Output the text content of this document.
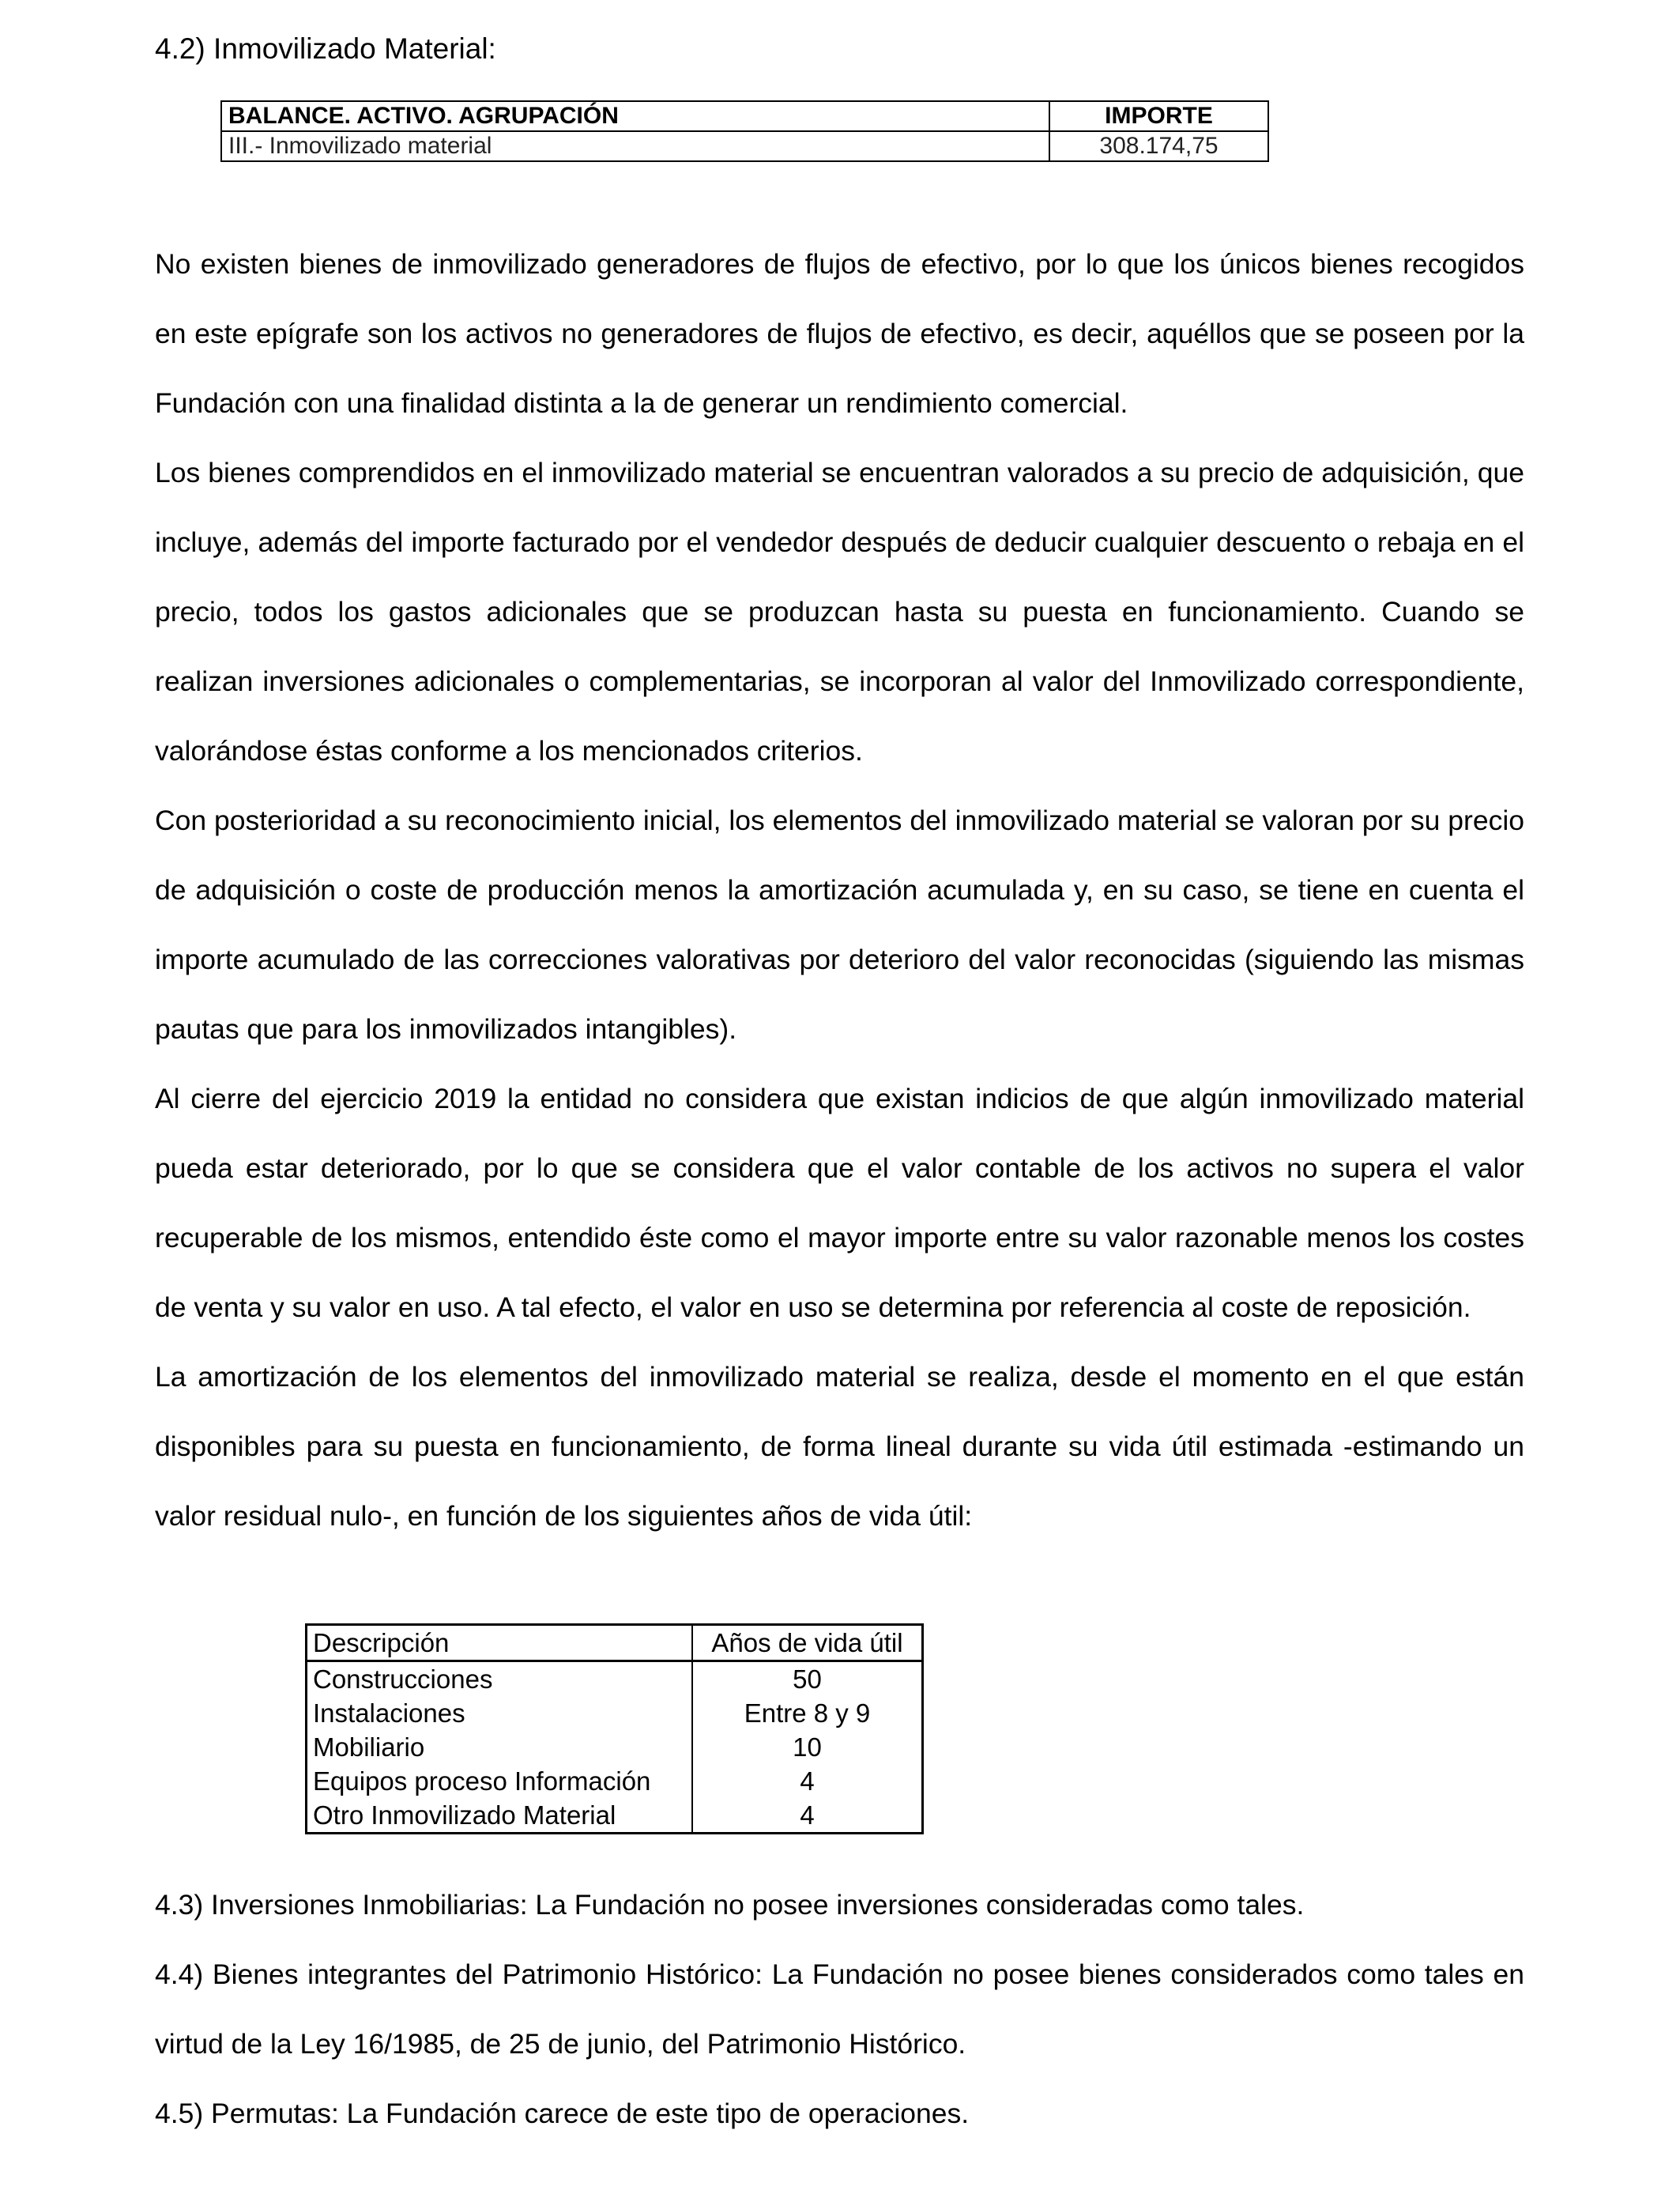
4.2) Inmovilizado Material:
BALANCE. ACTIVO. AGRUPACIÓN	IMPORTE
III.- Inmovilizado material	308.174,75

No existen bienes de inmovilizado generadores de flujos de efectivo, por lo que los únicos bienes recogidos en este epígrafe son los activos no generadores de flujos de efectivo, es decir, aquéllos que se poseen por la Fundación con una finalidad distinta a la de generar un rendimiento comercial.

Los bienes comprendidos en el inmovilizado material se encuentran valorados a su precio de adquisición, que incluye, además del importe facturado por el vendedor después de deducir cualquier descuento o rebaja en el precio, todos los gastos adicionales que se produzcan hasta su puesta en funcionamiento. Cuando se realizan inversiones adicionales o complementarias, se incorporan al valor del Inmovilizado correspondiente, valorándose éstas conforme a los mencionados criterios.

Con posterioridad a su reconocimiento inicial, los elementos del inmovilizado material se valoran por su precio de adquisición o coste de producción menos la amortización acumulada y, en su caso, se tiene en cuenta el importe acumulado de las correcciones valorativas por deterioro del valor reconocidas (siguiendo las mismas pautas que para los inmovilizados intangibles).

Al cierre del ejercicio 2019 la entidad no considera que existan indicios de que algún inmovilizado material pueda estar deteriorado, por lo que se considera que el valor contable de los activos no supera el valor recuperable de los mismos, entendido éste como el mayor importe entre su valor razonable menos los costes de venta y su valor en uso. A tal efecto, el valor en uso se determina por referencia al coste de reposición.

La amortización de los elementos del inmovilizado material se realiza, desde el momento en el que están disponibles para su puesta en funcionamiento, de forma lineal durante su vida útil estimada -estimando un valor residual nulo-, en función de los siguientes años de vida útil:

Descripción	Años de vida útil
Construcciones	50
Instalaciones	Entre 8 y 9
Mobiliario	10
Equipos proceso Información	4
Otro Inmovilizado Material	4

4.3) Inversiones Inmobiliarias: La Fundación no posee inversiones consideradas como tales.

4.4) Bienes integrantes del Patrimonio Histórico: La Fundación no posee bienes considerados como tales en virtud de la Ley 16/1985, de 25 de junio, del Patrimonio Histórico.

4.5) Permutas: La Fundación carece de este tipo de operaciones.
